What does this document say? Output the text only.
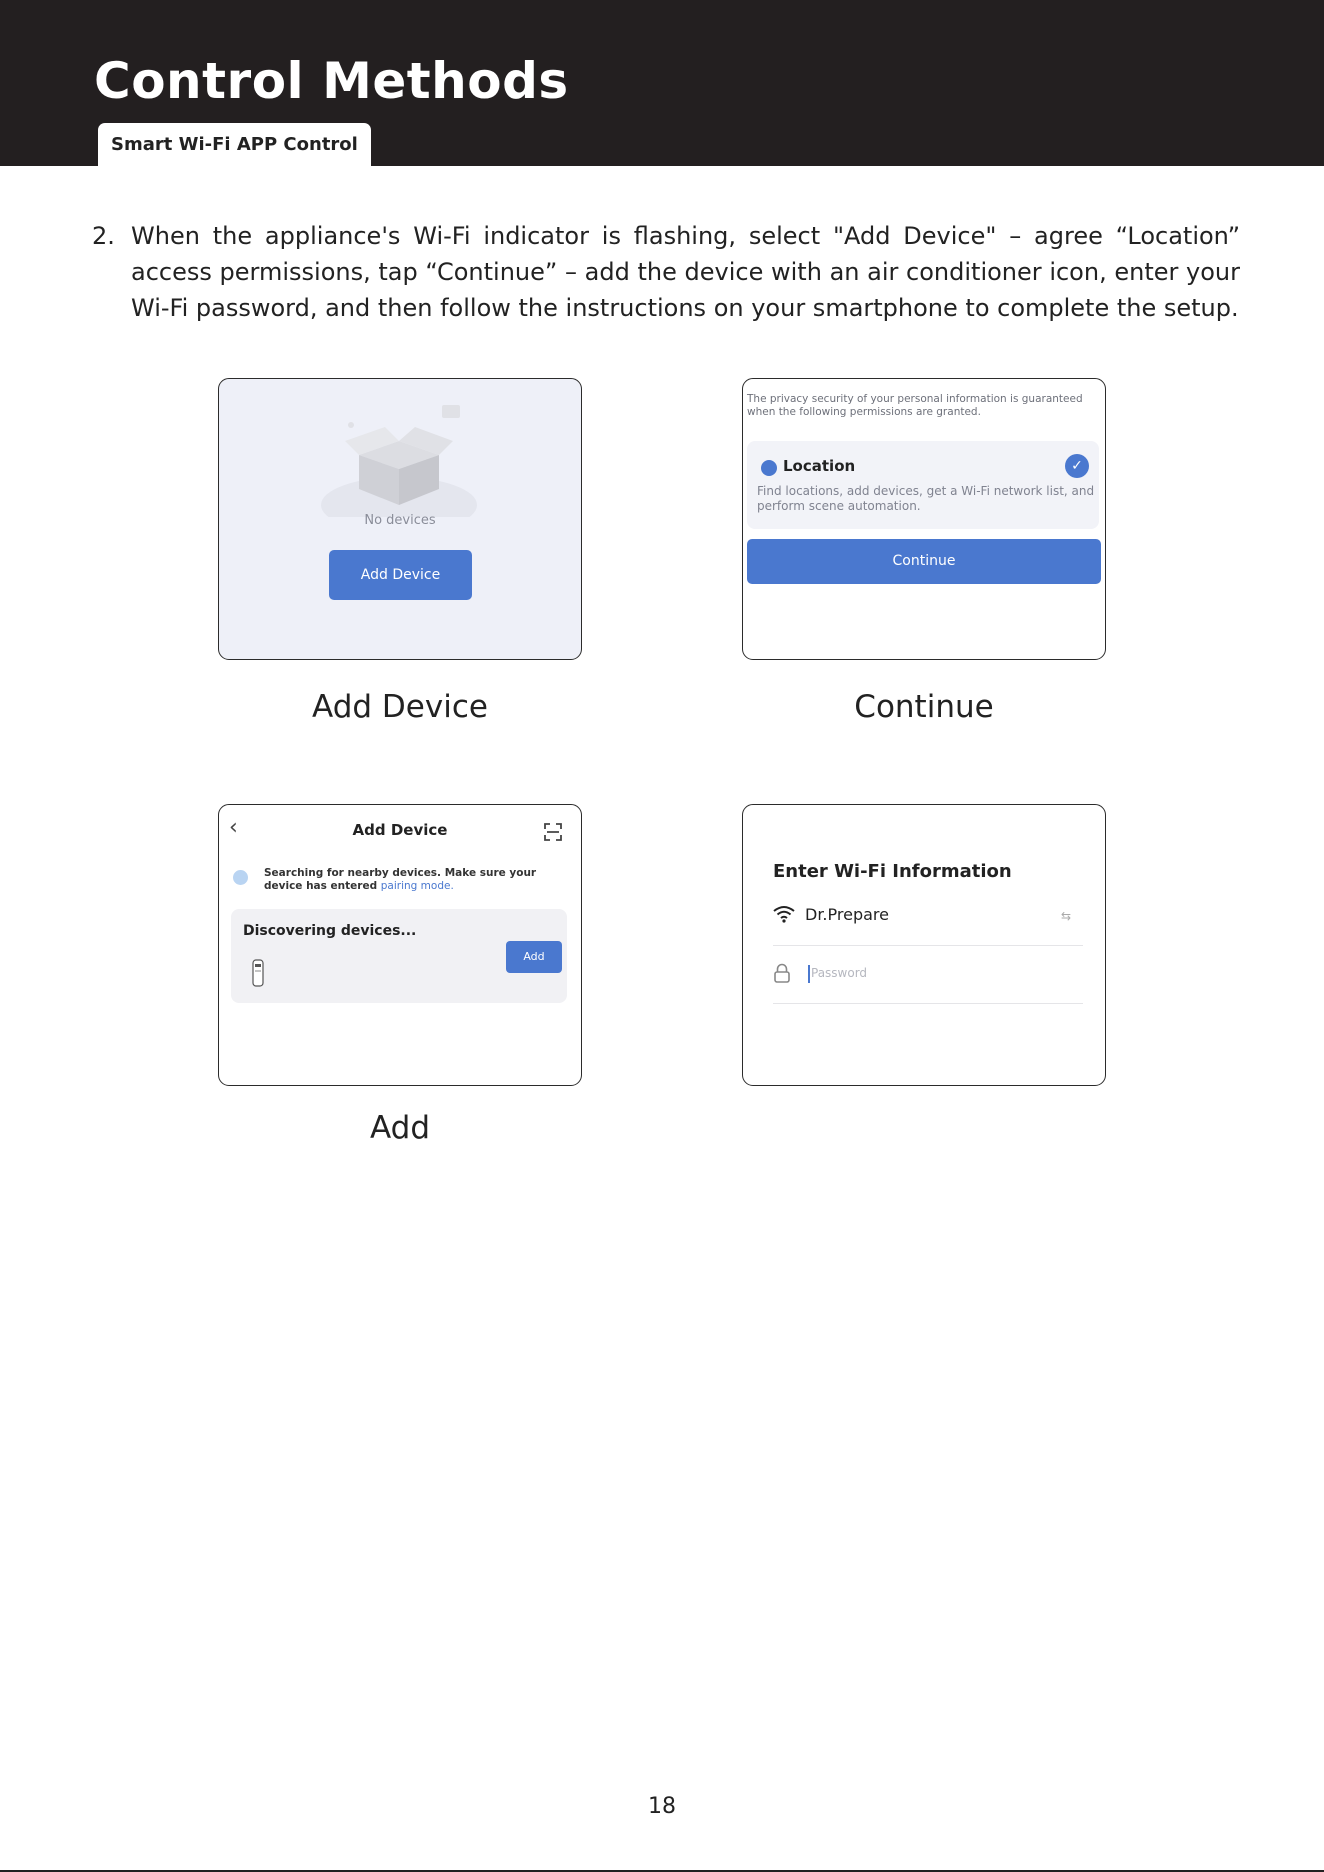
Control Methods
Smart Wi-Fi APP Control
2. When the appliance's Wi-Fi indicator is flashing, select "Add Device" – agree “Location” access permissions, tap “Continue” – add the device with an air conditioner icon, enter your Wi-Fi password, and then follow the instructions on your smartphone to complete the setup.
No devices
Add Device
Add Device
The privacy security of your personal information is guaranteed when the following permissions are granted.
Location	✓
Find locations, add devices, get a Wi-Fi network list, and perform scene automation.
Continue
Continue
‹	Add Device
Searching for nearby devices. Make sure your device has entered pairing mode.
Discovering devices...
Add
Add
Enter Wi-Fi Information
Dr.Prepare	⇆
Password
18
